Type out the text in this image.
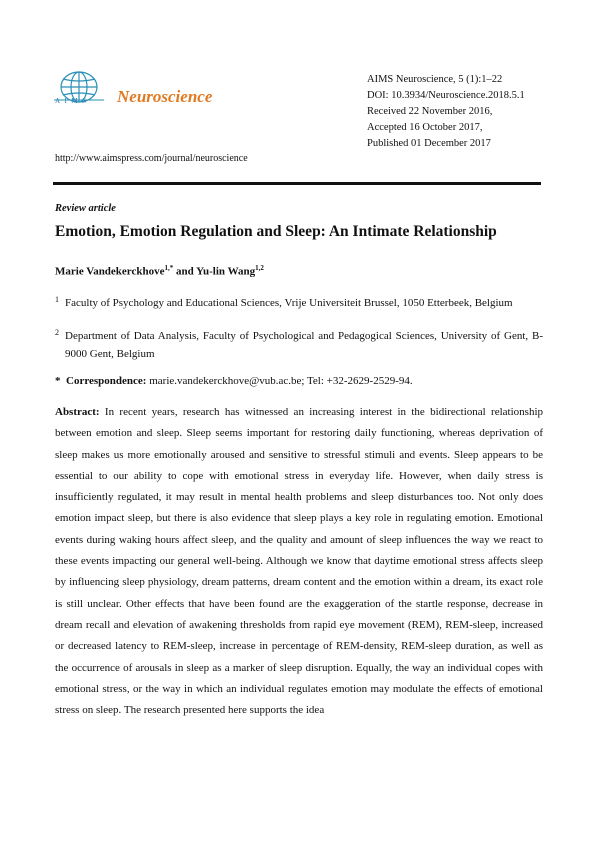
AIMS Neuroscience
AIMS Neuroscience, 5 (1):1–22
DOI: 10.3934/Neuroscience.2018.5.1
Received 22 November 2016,
Accepted 16 October 2017,
Published 01 December 2017
http://www.aimspress.com/journal/neuroscience
Review article
Emotion, Emotion Regulation and Sleep: An Intimate Relationship
Marie Vandekerckhove$^{1,*}$ and Yu-lin Wang$^{1,2}$
1 Faculty of Psychology and Educational Sciences, Vrije Universiteit Brussel, 1050 Etterbeek, Belgium
2 Department of Data Analysis, Faculty of Psychological and Pedagogical Sciences, University of Gent, B-9000 Gent, Belgium
* Correspondence: marie.vandekerckhove@vub.ac.be; Tel: +32-2629-2529-94.
Abstract: In recent years, research has witnessed an increasing interest in the bidirectional relationship between emotion and sleep. Sleep seems important for restoring daily functioning, whereas deprivation of sleep makes us more emotionally aroused and sensitive to stressful stimuli and events. Sleep appears to be essential to our ability to cope with emotional stress in everyday life. However, when daily stress is insufficiently regulated, it may result in mental health problems and sleep disturbances too. Not only does emotion impact sleep, but there is also evidence that sleep plays a key role in regulating emotion. Emotional events during waking hours affect sleep, and the quality and amount of sleep influences the way we react to these events impacting our general well-being. Although we know that daytime emotional stress affects sleep by influencing sleep physiology, dream patterns, dream content and the emotion within a dream, its exact role is still unclear. Other effects that have been found are the exaggeration of the startle response, decrease in dream recall and elevation of awakening thresholds from rapid eye movement (REM), REM-sleep, increased or decreased latency to REM-sleep, increase in percentage of REM-density, REM-sleep duration, as well as the occurrence of arousals in sleep as a marker of sleep disruption. Equally, the way an individual copes with emotional stress, or the way in which an individual regulates emotion may modulate the effects of emotional stress on sleep. The research presented here supports the idea
